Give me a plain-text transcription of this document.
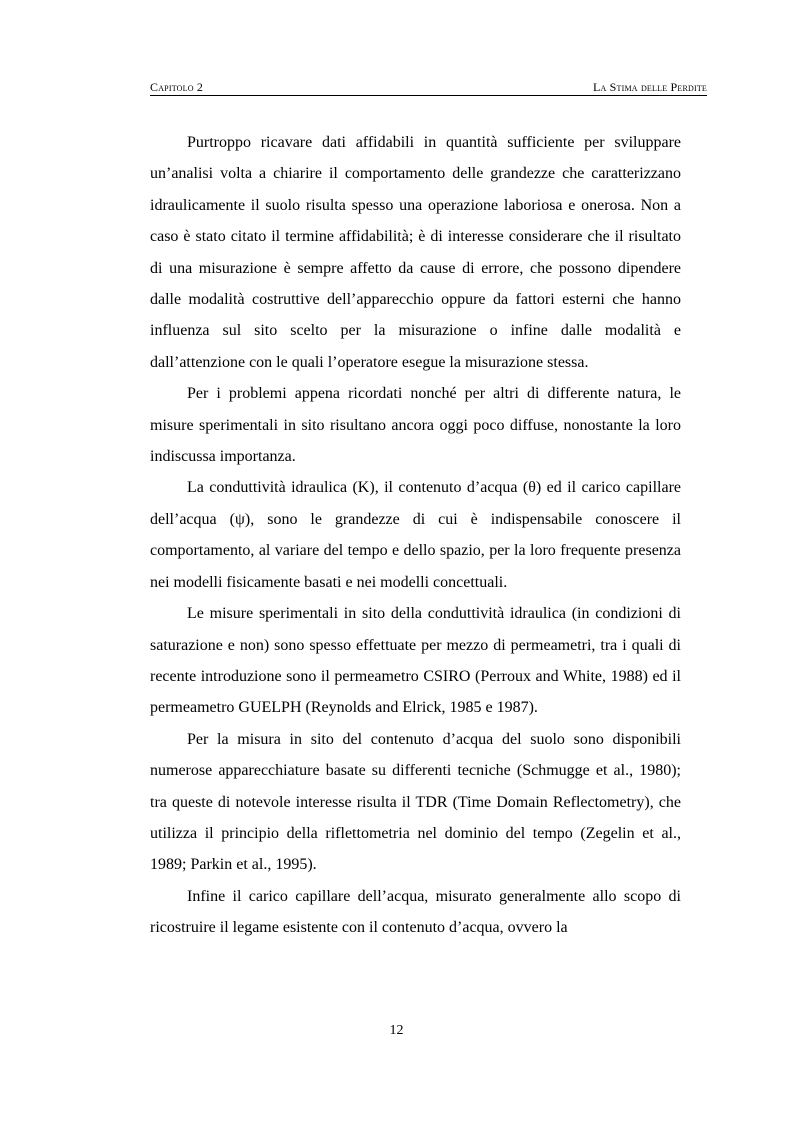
Capitolo 2	La Stima delle Perdite

Purtroppo ricavare dati affidabili in quantità sufficiente per sviluppare un’analisi volta a chiarire il comportamento delle grandezze che caratterizzano idraulicamente il suolo risulta spesso una operazione laboriosa e onerosa. Non a caso è stato citato il termine affidabilità; è di interesse considerare che il risultato di una misurazione è sempre affetto da cause di errore, che possono dipendere dalle modalità costruttive dell’apparecchio oppure da fattori esterni che hanno influenza sul sito scelto per la misurazione o infine dalle modalità e dall’attenzione con le quali l’operatore esegue la misurazione stessa.

Per i problemi appena ricordati nonché per altri di differente natura, le misure sperimentali in sito risultano ancora oggi poco diffuse, nonostante la loro indiscussa importanza.

La conduttività idraulica (K), il contenuto d’acqua (θ) ed il carico capillare dell’acqua (ψ), sono le grandezze di cui è indispensabile conoscere il comportamento, al variare del tempo e dello spazio, per la loro frequente presenza nei modelli fisicamente basati e nei modelli concettuali.

Le misure sperimentali in sito della conduttività idraulica (in condizioni di saturazione e non) sono spesso effettuate per mezzo di permeametri, tra i quali di recente introduzione sono il permeametro CSIRO (Perroux and White, 1988) ed il permeametro GUELPH (Reynolds and Elrick, 1985 e 1987).

Per la misura in sito del contenuto d’acqua del suolo sono disponibili numerose apparecchiature basate su differenti tecniche (Schmugge et al., 1980); tra queste di notevole interesse risulta il TDR (Time Domain Reflectometry), che utilizza il principio della riflettometria nel dominio del tempo (Zegelin et al., 1989; Parkin et al., 1995).

Infine il carico capillare dell’acqua, misurato generalmente allo scopo di ricostruire il legame esistente con il contenuto d’acqua, ovvero la

12
